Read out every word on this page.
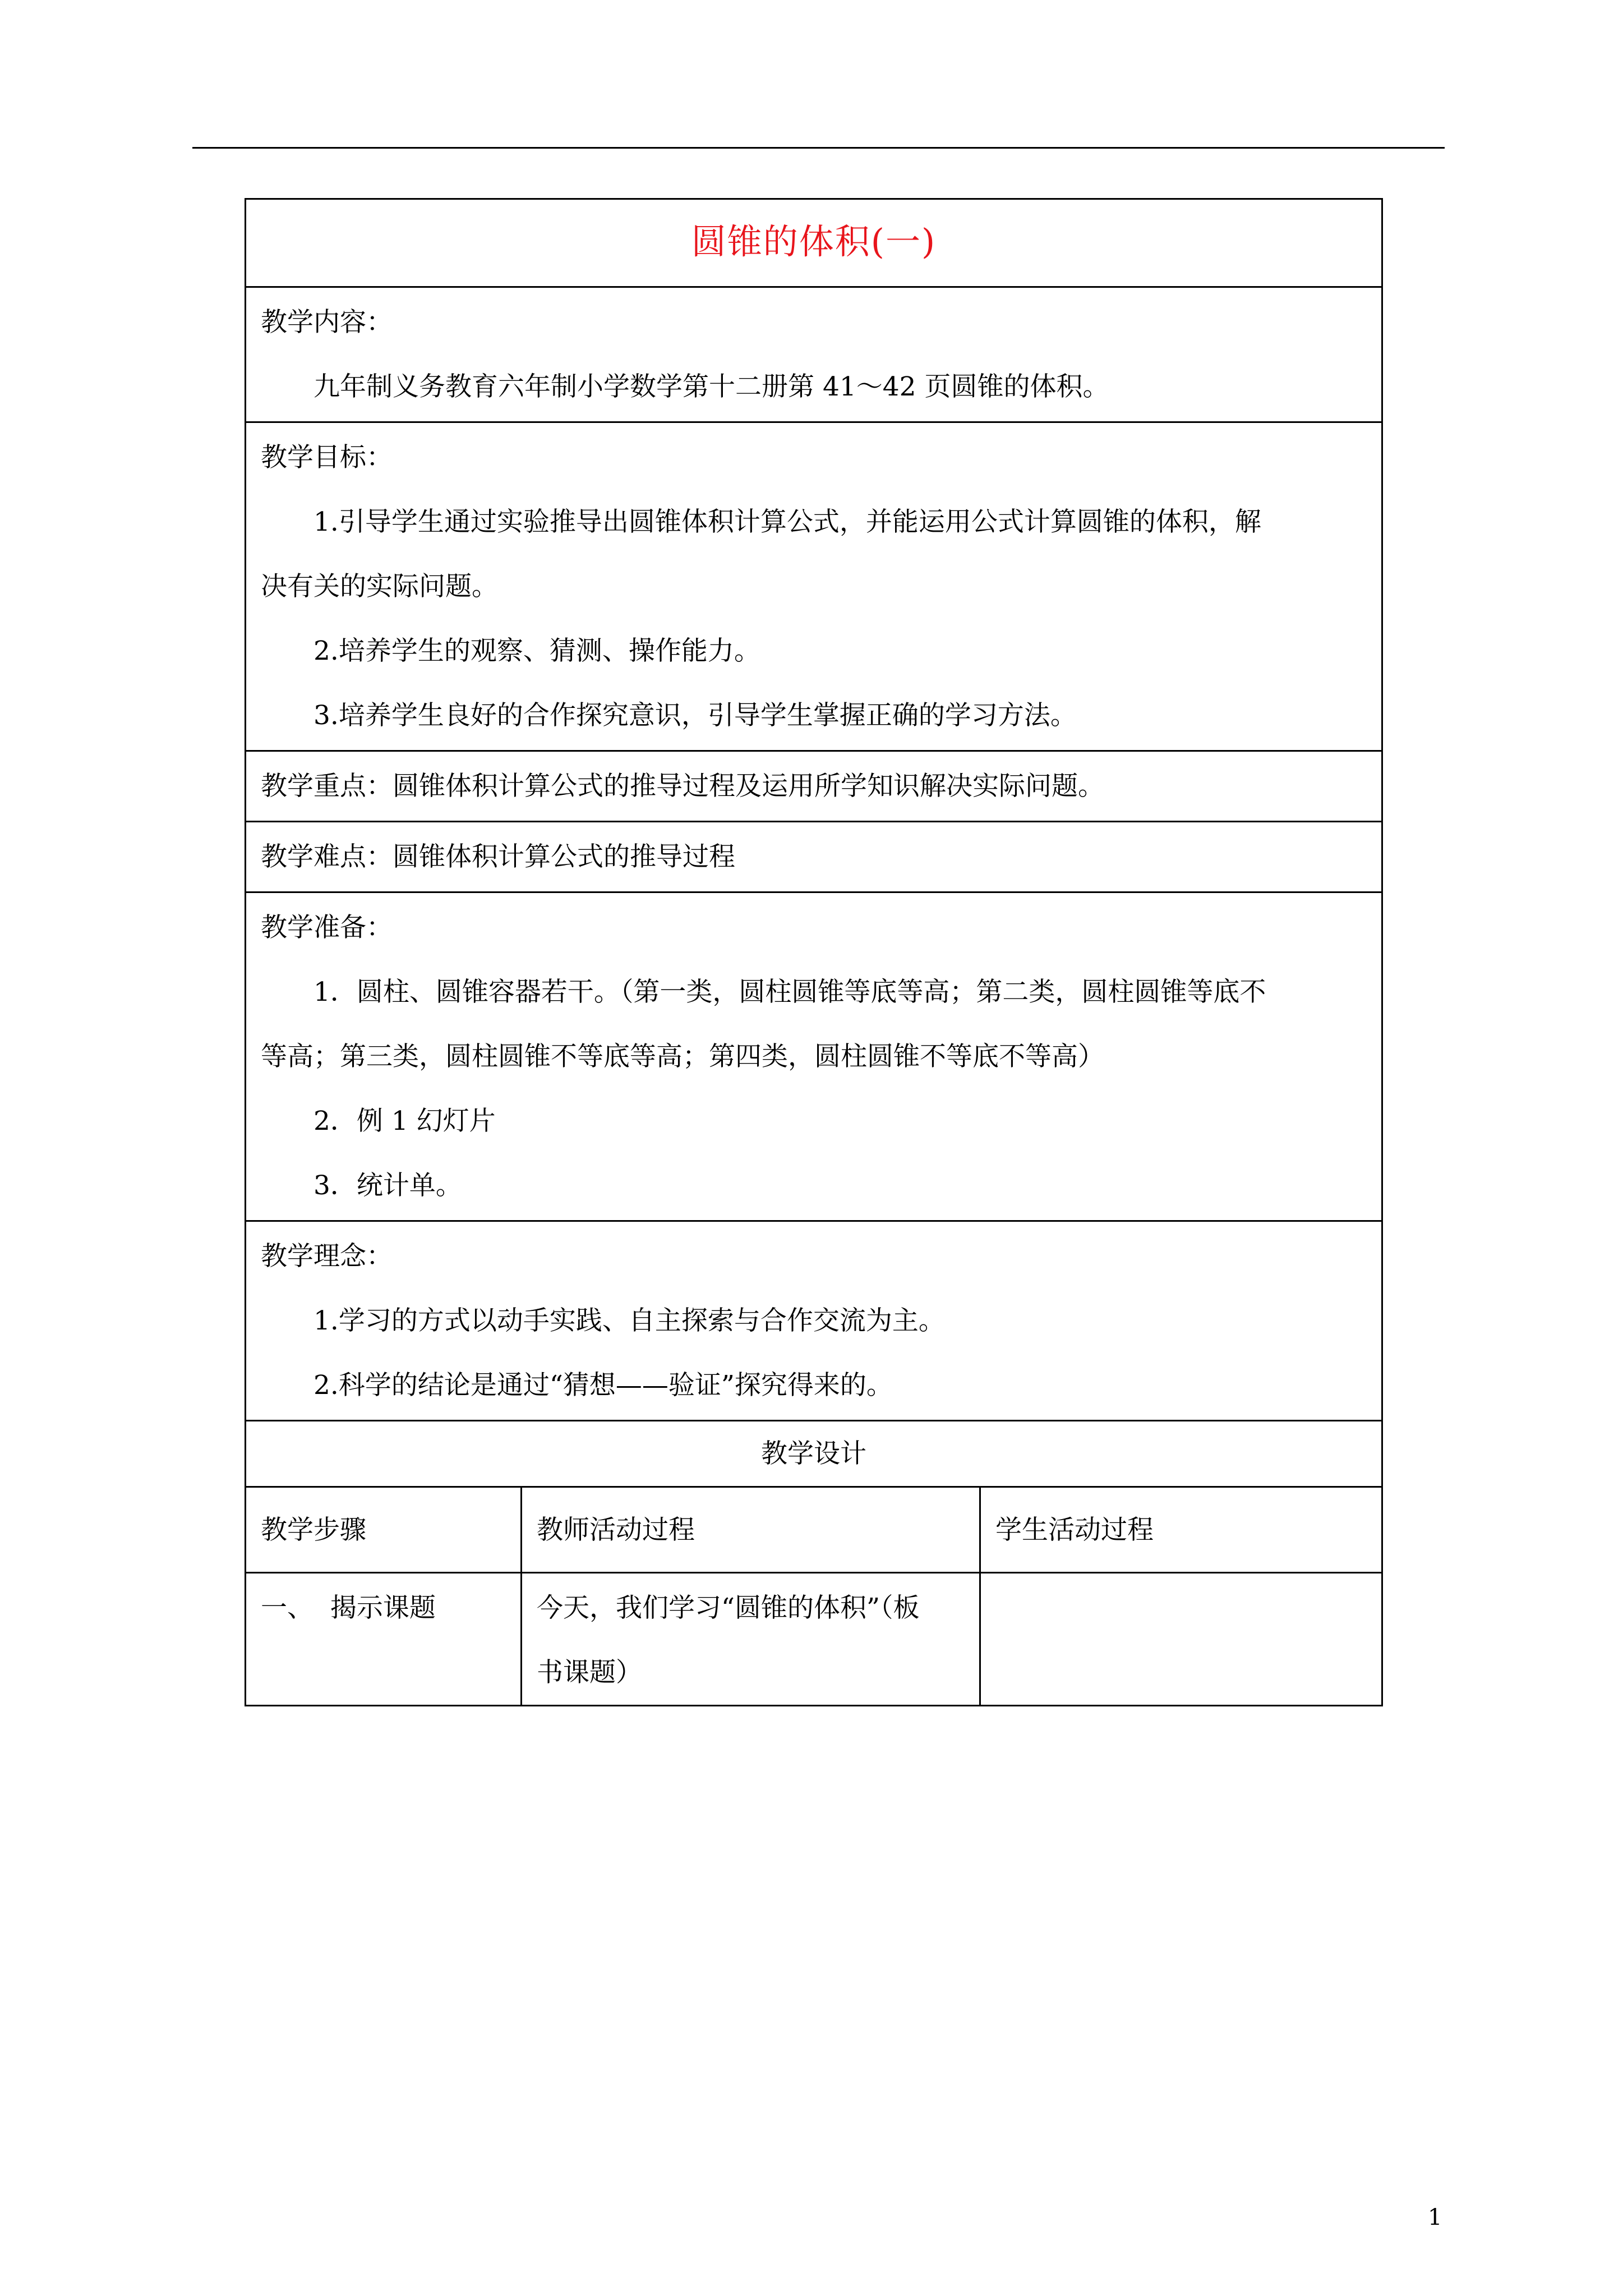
圆锥的体积(一)		

教学内容：
九年制义务教育六年制小学数学第十二册第 41～42 页圆锥的体积。		

教学目标：
1.引导学生通过实验推导出圆锥体积计算公式，并能运用公式计算圆锥的体积，解
决有关的实际问题。
2.培养学生的观察、猜测、操作能力。
3.培养学生良好的合作探究意识，引导学生掌握正确的学习方法。		

教学重点：圆锥体积计算公式的推导过程及运用所学知识解决实际问题。		

教学难点：圆锥体积计算公式的推导过程		

教学准备：
1．圆柱、圆锥容器若干。（第一类，圆柱圆锥等底等高；第二类，圆柱圆锥等底不
等高；第三类，圆柱圆锥不等底等高；第四类，圆柱圆锥不等底不等高）
2．例 1 幻灯片
3．统计单。		

教学理念：
1.学习的方式以动手实践、自主探索与合作交流为主。
2.科学的结论是通过“猜想——验证”探究得来的。		

教学设计		
教学步骤	教师活动过程	学生活动过程

一、  揭示课题	今天，我们学习“圆锥的体积”（板
书课题）	

1
